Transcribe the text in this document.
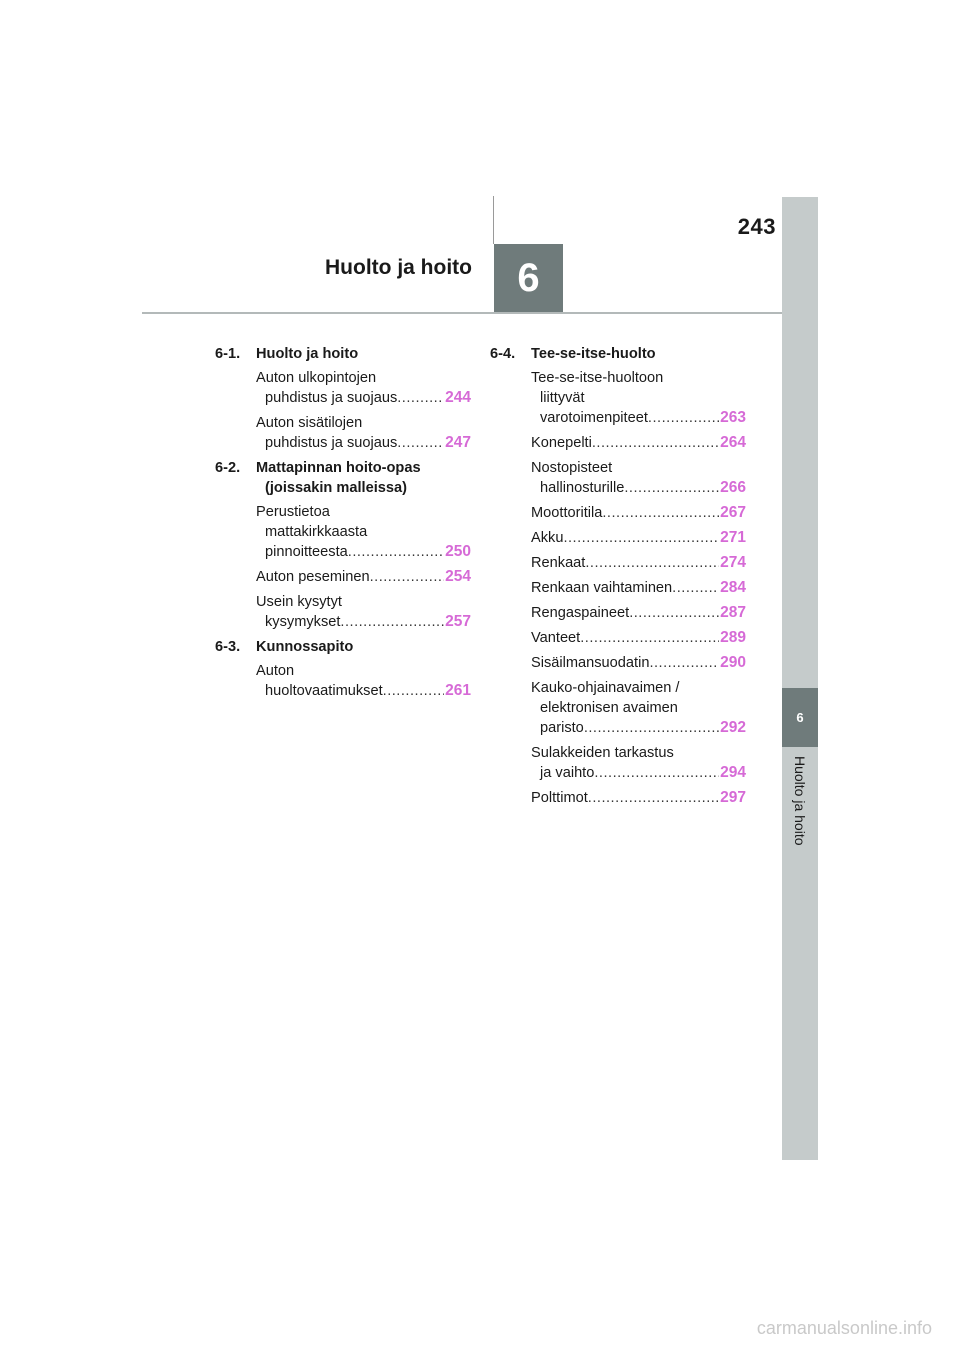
243
Huolto ja hoito	6
6
Huolto ja hoito
6-1.	Huolto ja hoito
Auton ulkopintojen
puhdistus ja suojaus .....	244
Auton sisätilojen
puhdistus ja suojaus .....	247
6-2.	Mattapinnan hoito-opas

(joissakin malleissa)
Perustietoa
mattakirkkaasta
pinnoitteesta .....	250
Auton peseminen .....	254
Usein kysytyt
kysymykset .....	257
6-3.	Kunnossapito
Auton
huoltovaatimukset .....	261
6-4.	Tee-se-itse-huolto
Tee-se-itse-huoltoon
liittyvät
varotoimenpiteet .....	263
Konepelti .....	264
Nostopisteet
hallinosturille .....	266
Moottoritila .....	267
Akku .....	271
Renkaat .....	274
Renkaan vaihtaminen .....	284
Rengaspaineet .....	287
Vanteet .....	289
Sisäilmansuodatin .....	290
Kauko-ohjainavaimen /
elektronisen avaimen
paristo .....	292
Sulakkeiden tarkastus
ja vaihto .....	294
Polttimot .....	297
carmanualsonline.info
